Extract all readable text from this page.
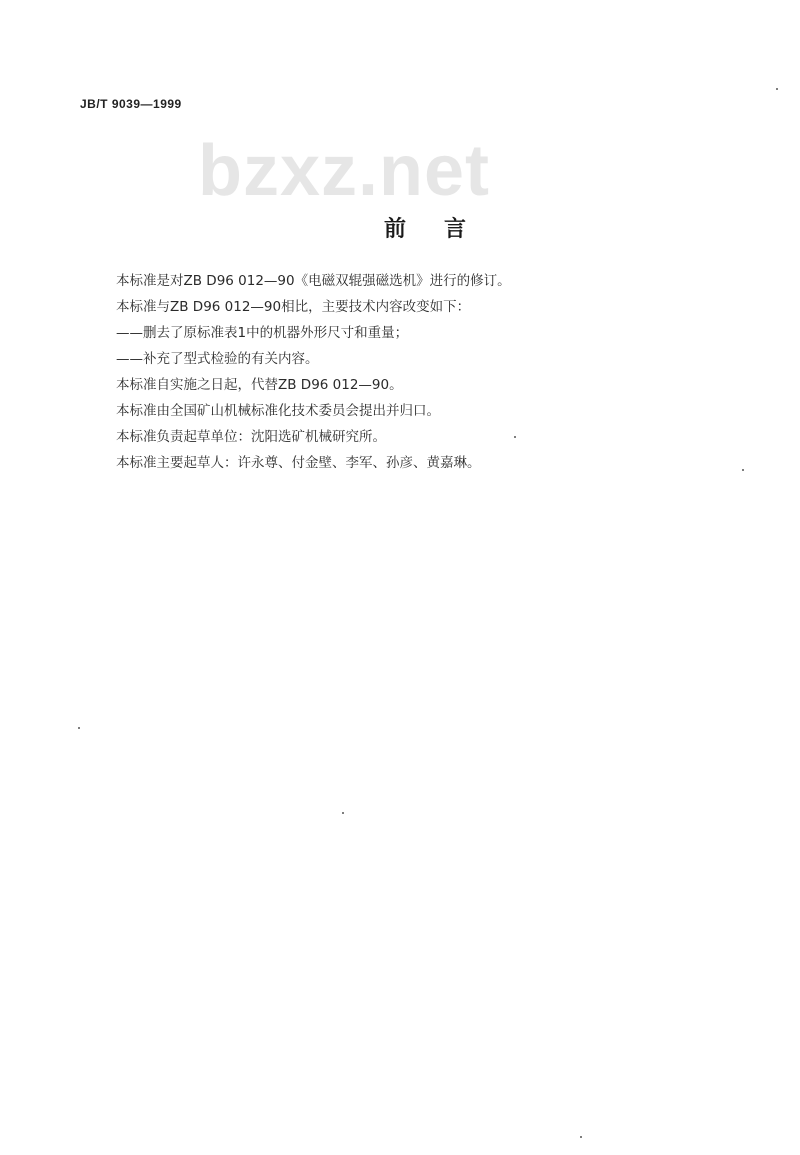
JB/T 9039—1999
bzxz.net
前言
本标准是对ZB D96 012—90《电磁双辊强磁选机》进行的修订。
本标准与ZB D96 012—90相比，主要技术内容改变如下：
——删去了原标准表1中的机器外形尺寸和重量；
——补充了型式检验的有关内容。
本标准自实施之日起，代替ZB D96 012—90。
本标准由全国矿山机械标准化技术委员会提出并归口。
本标准负责起草单位：沈阳选矿机械研究所。
本标准主要起草人：许永尊、付金壁、李军、孙彦、黄嘉琳。
